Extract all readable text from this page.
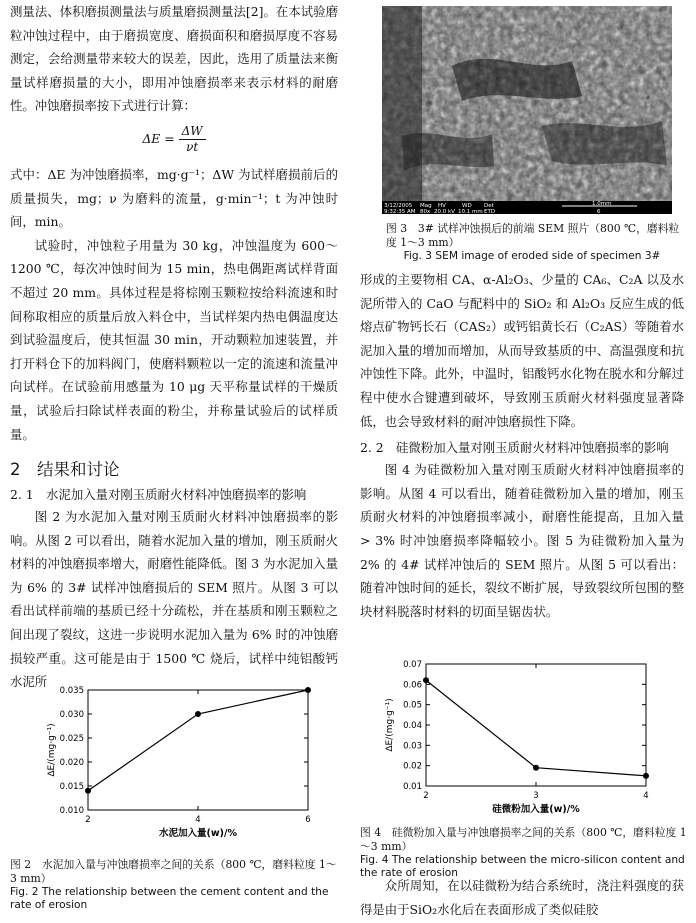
测量法、体积磨损测量法与质量磨损测量法[2]。在本试验磨粒冲蚀过程中，由于磨损宽度、磨损面积和磨损厚度不容易测定，会给测量带来较大的误差，因此，选用了质量法来衡量试样磨损量的大小，即用冲蚀磨损率来表示材料的耐磨性。冲蚀磨损率按下式进行计算：

$\Delta E = \frac{\Delta W}{\nu t}$

式中：ΔE 为冲蚀磨损率，mg·g⁻¹；ΔW 为试样磨损前后的质量损失，mg；ν 为磨料的流量，g·min⁻¹；t 为冲蚀时间，min。

试验时，冲蚀粒子用量为 30 kg，冲蚀温度为 600～1200 ℃，每次冲蚀时间为 15 min，热电偶距离试样背面不超过 20 mm。具体过程是将棕刚玉颗粒按给料流速和时间称取相应的质量后放入料仓中，当试样架内热电偶温度达到试验温度后，使其恒温 30 min，开动颗粒加速装置，并打开料仓下的加料阀门，使磨料颗粒以一定的流速和流量冲向试样。在试验前用感量为 10 μg 天平称量试样的干燥质量，试验后扫除试样表面的粉尘，并称量试验后的试样质量。

2　结果和讨论

2. 1　水泥加入量对刚玉质耐火材料冲蚀磨损率的影响

图 2 为水泥加入量对刚玉质耐火材料冲蚀磨损率的影响。从图 2 可以看出，随着水泥加入量的增加，刚玉质耐火材料的冲蚀磨损率增大，耐磨性能降低。图 3 为水泥加入量为 6% 的 3# 试样冲蚀磨损后的 SEM 照片。从图 3 可以看出试样前端的基质已经十分疏松，并在基质和刚玉颗粒之间出现了裂纹，这进一步说明水泥加入量为 6% 时的冲蚀磨损较严重。这可能是由于 1500 ℃ 烧后，试样中纯铝酸钙水泥所

0.010
0.015
0.020
0.025
0.030
0.035
2	4	6
水泥加入量(w)/%
ΔE/(mg·g⁻¹)
图 2　水泥加入量与冲蚀磨损率之间的关系（800 ℃，磨料粒度 1～3 mm）
Fig. 2 The relationship between the cement content and the rate of erosion
3/12/2005
9:32:35 AM
Mag
80x
HV
20.0 kV
WD
10.1 mm
Det
ETD
1.0mm
6
图 3　3# 试样冲蚀损后的前端 SEM 照片（800 ℃，磨料粒度 1～3 mm）
Fig. 3 SEM image of eroded side of specimen 3#

形成的主要物相 CA、α-Al₂O₃、少量的 CA₆、C₂A 以及水泥所带入的 CaO 与配料中的 SiO₂ 和 Al₂O₃ 反应生成的低熔点矿物钙长石（CAS₂）或钙铝黄长石（C₂AS）等随着水泥加入量的增加而增加，从而导致基质的中、高温强度和抗冲蚀性下降。此外，中温时，铝酸钙水化物在脱水和分解过程中使水合键遭到破坏，导致刚玉质耐火材料强度显著降低，也会导致材料的耐冲蚀磨损性下降。

2. 2　硅微粉加入量对刚玉质耐火材料冲蚀磨损率的影响

图 4 为硅微粉加入量对刚玉质耐火材料冲蚀磨损率的影响。从图 4 可以看出，随着硅微粉加入量的增加，刚玉质耐火材料的冲蚀磨损率减小，耐磨性能提高，且加入量 > 3% 时冲蚀磨损率降幅较小。图 5 为硅微粉加入量为 2% 的 4# 试样冲蚀后的 SEM 照片。从图 5 可以看出：随着冲蚀时间的延长，裂纹不断扩展，导致裂纹所包围的整块材料脱落时材料的切面呈锯齿状。

0.01
0.02
0.03
0.04
0.05
0.06
0.07
2	3	4
硅微粉加入量(w)/%
ΔE/(mg·g⁻¹)
图 4　硅微粉加入量与冲蚀磨损率之间的关系（800 ℃，磨料粒度 1～3 mm）
Fig. 4 The relationship between the micro-silicon content and the rate of erosion

众所周知，在以硅微粉为结合系统时，浇注料强度的获得是由于SiO₂水化后在表面形成了类似硅胶
